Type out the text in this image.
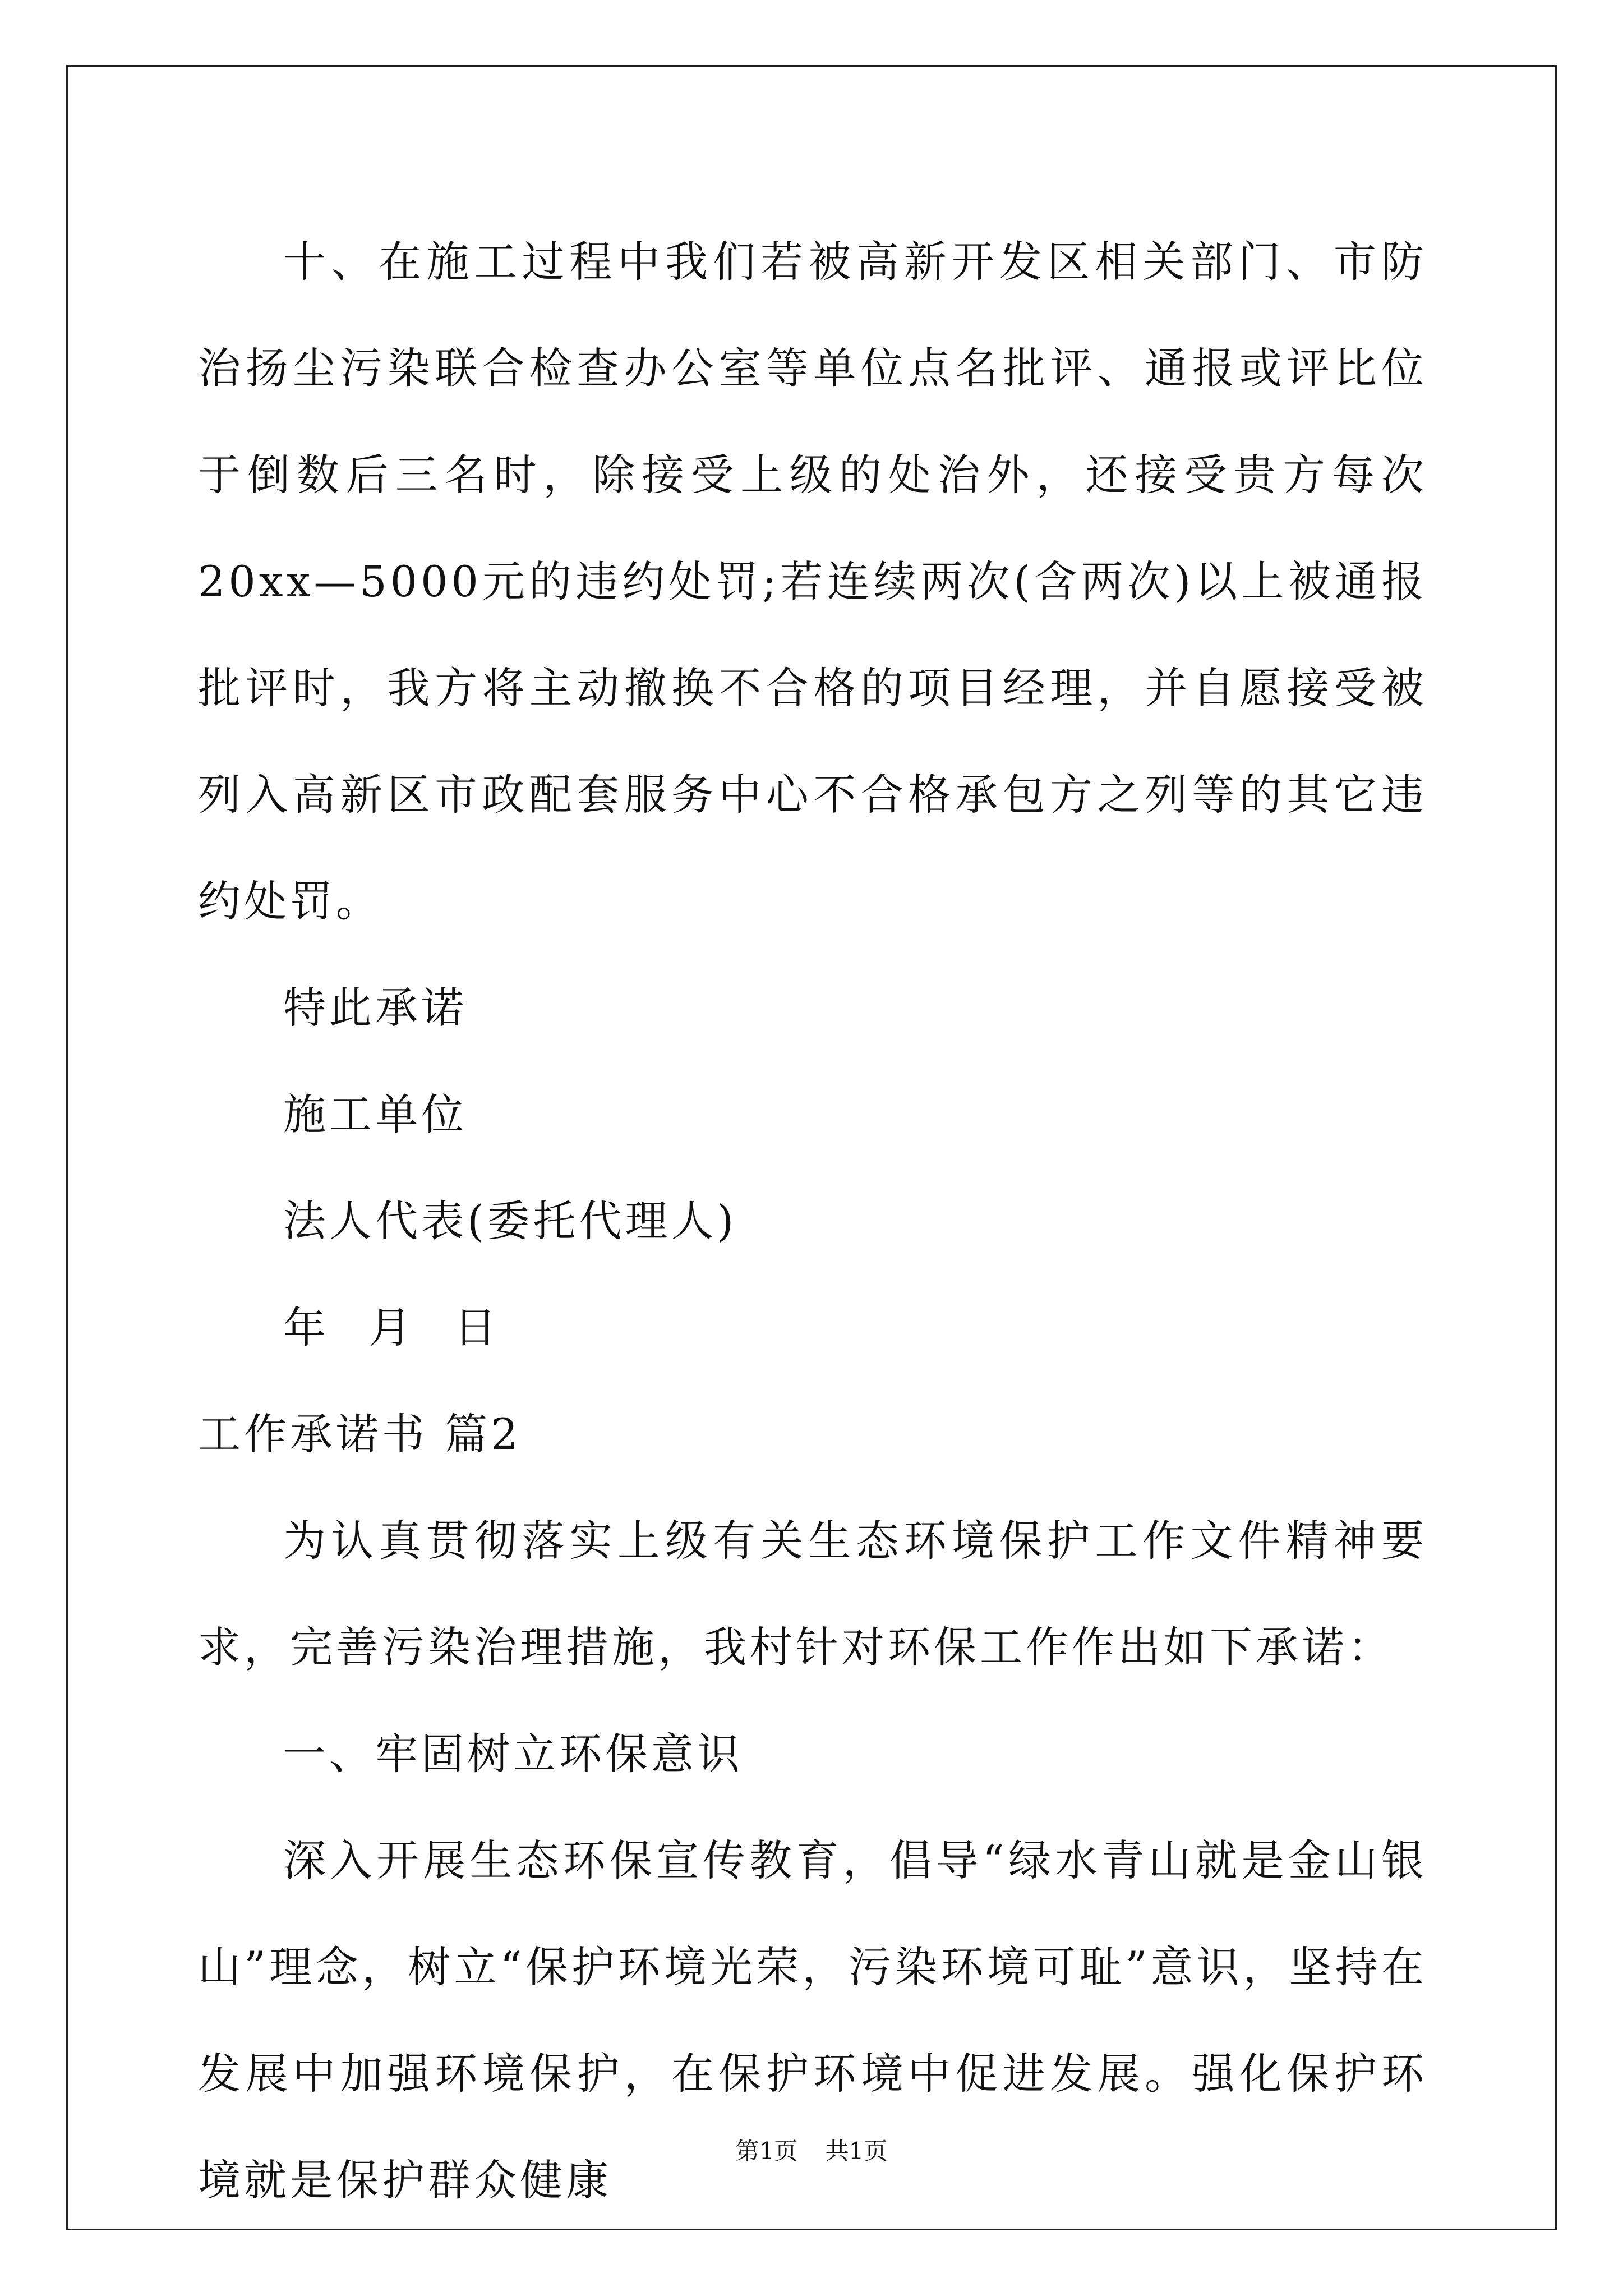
十、在施工过程中我们若被高新开发区相关部门、市防治扬尘污染联合检查办公室等单位点名批评、通报或评比位于倒数后三名时，除接受上级的处治外，还接受贵方每次20xx—5000元的违约处罚;若连续两次(含两次)以上被通报批评时，我方将主动撤换不合格的项目经理，并自愿接受被列入高新区市政配套服务中心不合格承包方之列等的其它违约处罚。

特此承诺

施工单位

法人代表(委托代理人)

年 月 日

工作承诺书 篇2

为认真贯彻落实上级有关生态环境保护工作文件精神要求，完善污染治理措施，我村针对环保工作作出如下承诺：

一、牢固树立环保意识

深入开展生态环保宣传教育，倡导“绿水青山就是金山银山”理念，树立“保护环境光荣，污染环境可耻”意识，坚持在发展中加强环境保护，在保护环境中促进发展。强化保护环境就是保护群众健康

第1页 共1页
